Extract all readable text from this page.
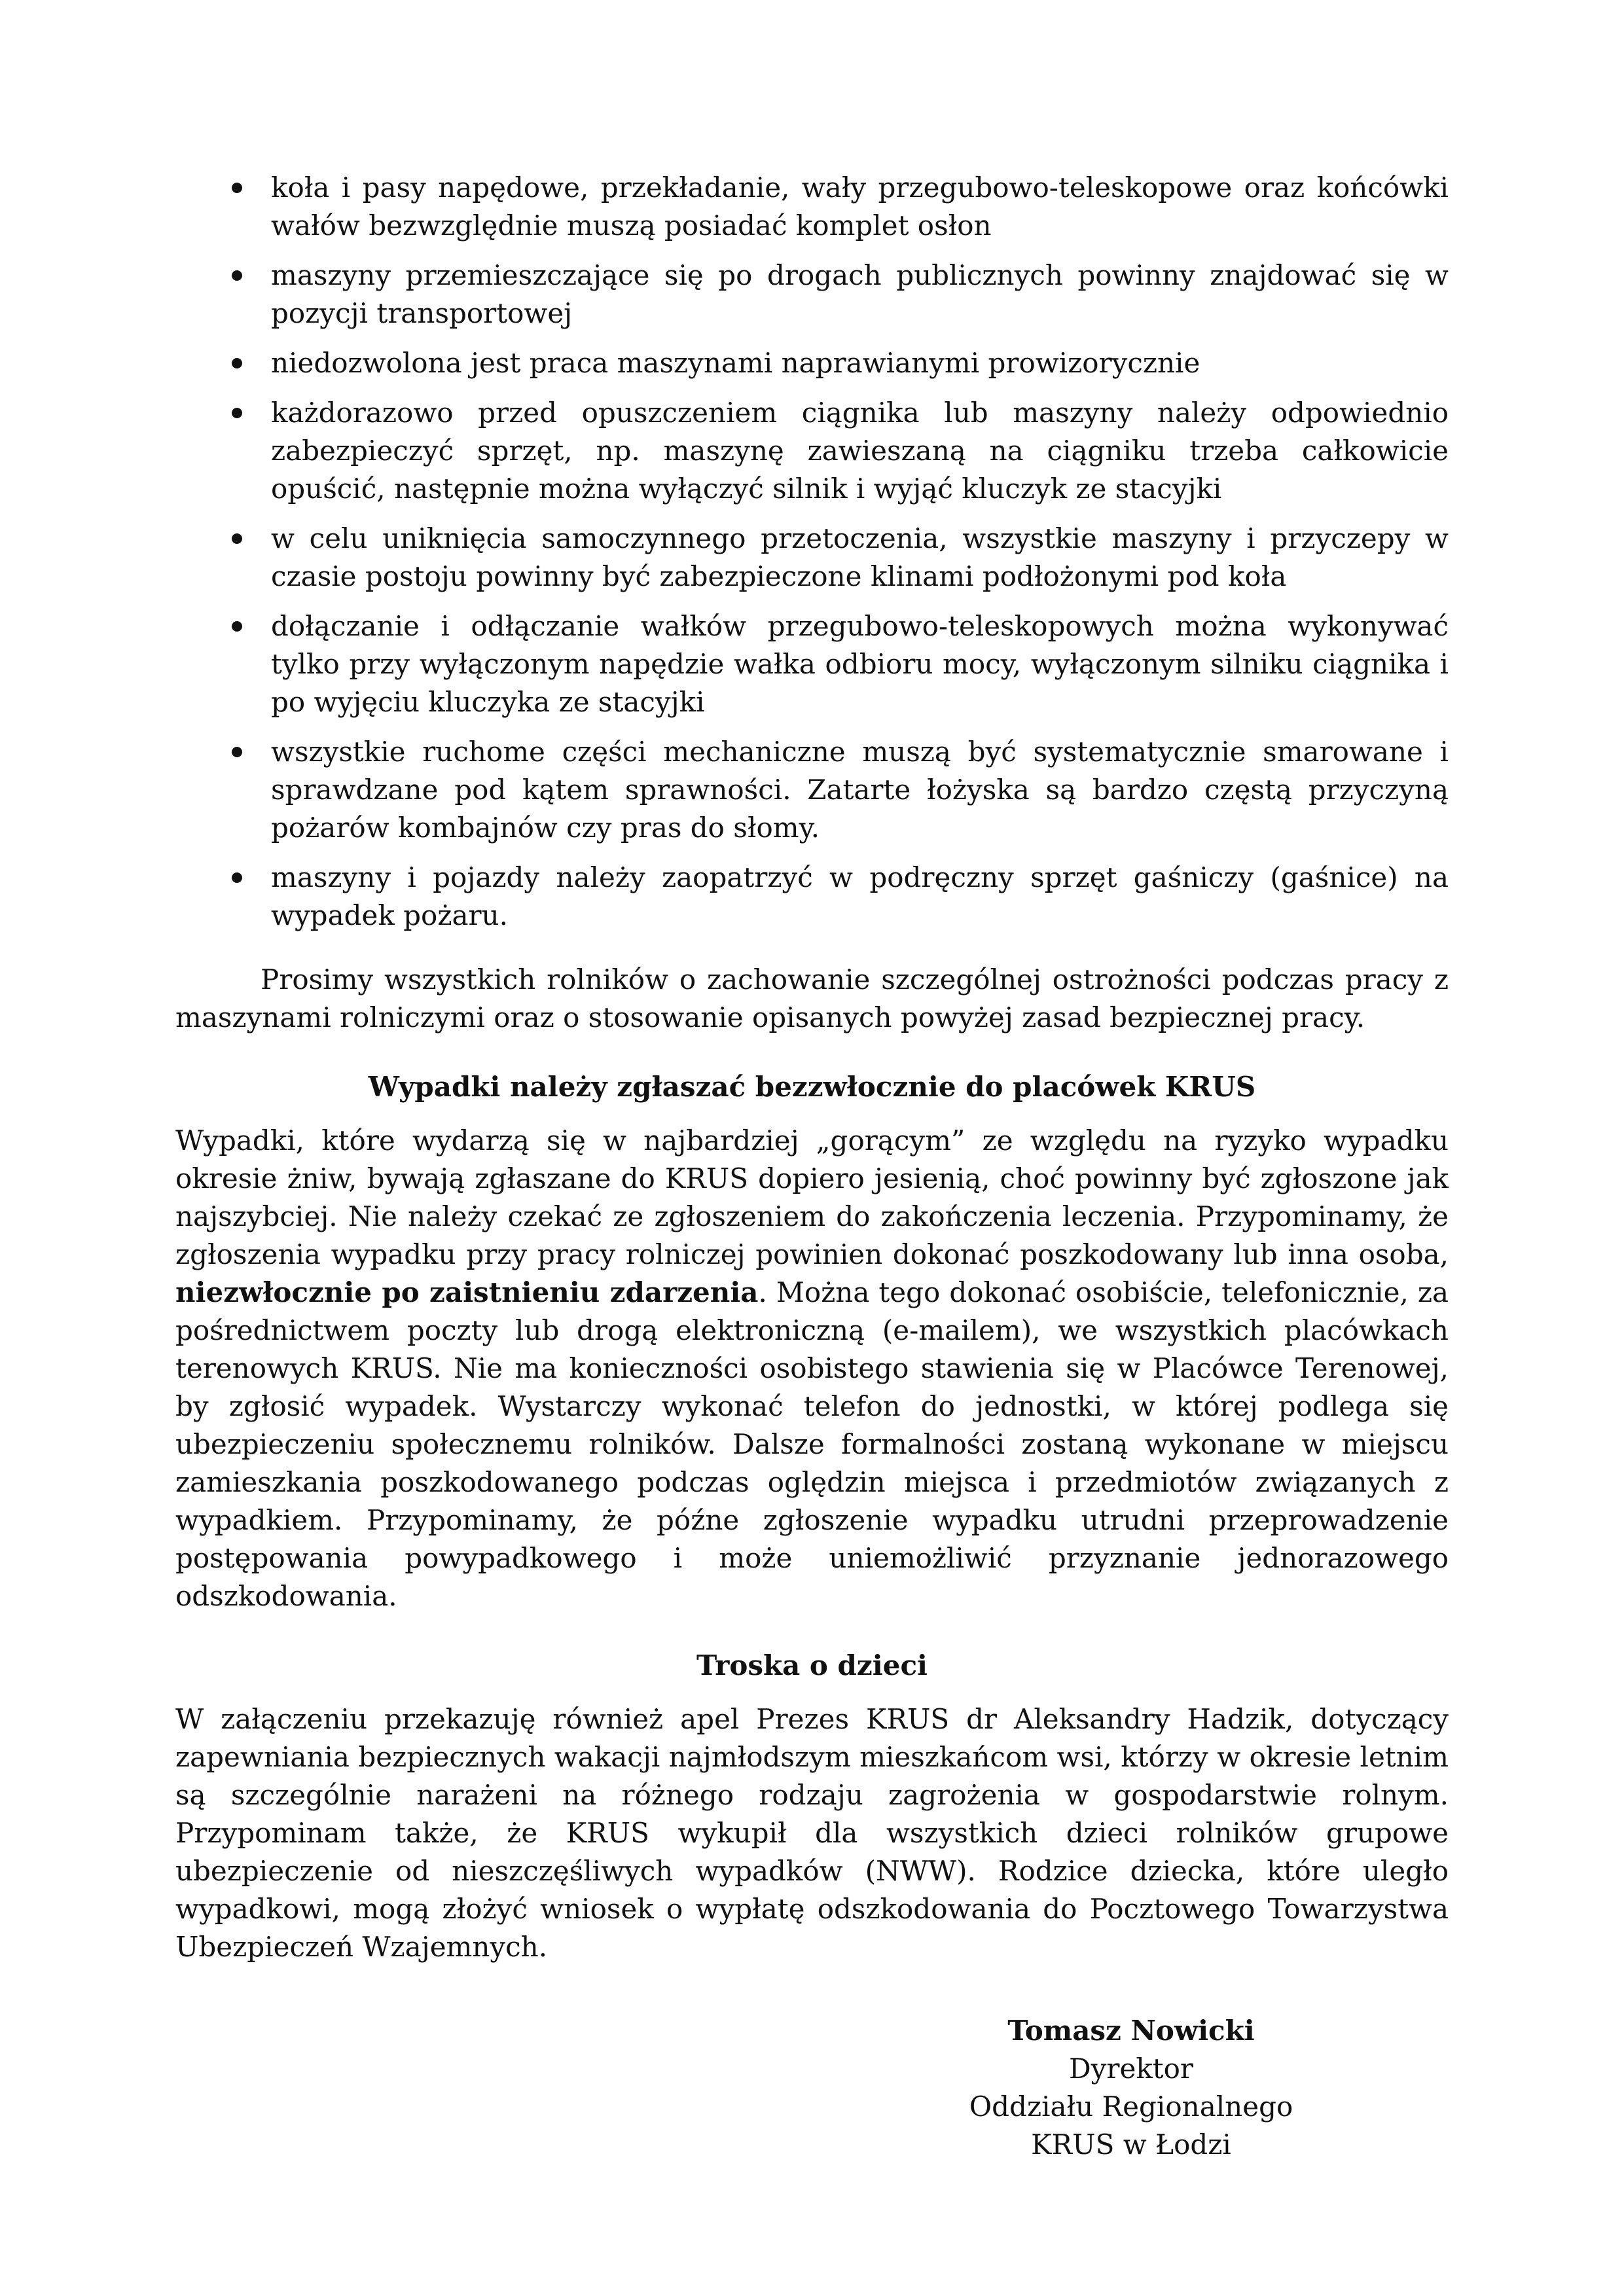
koła i pasy napędowe, przekładanie, wały przegubowo-teleskopowe oraz końcówki wałów bezwzględnie muszą posiadać komplet osłon
maszyny przemieszczające się po drogach publicznych powinny znajdować się w pozycji transportowej
niedozwolona jest praca maszynami naprawianymi prowizorycznie
każdorazowo przed opuszczeniem ciągnika lub maszyny należy odpowiednio zabezpieczyć sprzęt, np. maszynę zawieszaną na ciągniku trzeba całkowicie opuścić, następnie można wyłączyć silnik i wyjąć kluczyk ze stacyjki
w celu uniknięcia samoczynnego przetoczenia, wszystkie maszyny i przyczepy w czasie postoju powinny być zabezpieczone klinami podłożonymi pod koła
dołączanie i odłączanie wałków przegubowo-teleskopowych można wykonywać tylko przy wyłączonym napędzie wałka odbioru mocy, wyłączonym silniku ciągnika i po wyjęciu kluczyka ze stacyjki
wszystkie ruchome części mechaniczne muszą być systematycznie smarowane i sprawdzane pod kątem sprawności. Zatarte łożyska są bardzo częstą przyczyną pożarów kombajnów czy pras do słomy.
maszyny i pojazdy należy zaopatrzyć w podręczny sprzęt gaśniczy (gaśnice) na wypadek pożaru.

Prosimy wszystkich rolników o zachowanie szczególnej ostrożności podczas pracy z maszynami rolniczymi oraz o stosowanie opisanych powyżej zasad bezpiecznej pracy.

Wypadki należy zgłaszać bezzwłocznie do placówek KRUS

Wypadki, które wydarzą się w najbardziej „gorącym” ze względu na ryzyko wypadku okresie żniw, bywają zgłaszane do KRUS dopiero jesienią, choć powinny być zgłoszone jak najszybciej. Nie należy czekać ze zgłoszeniem do zakończenia leczenia. Przypominamy, że zgłoszenia wypadku przy pracy rolniczej powinien dokonać poszkodowany lub inna osoba, niezwłocznie po zaistnieniu zdarzenia. Można tego dokonać osobiście, telefonicznie, za pośrednictwem poczty lub drogą elektroniczną (e-mailem), we wszystkich placówkach terenowych KRUS. Nie ma konieczności osobistego stawienia się w Placówce Terenowej, by zgłosić wypadek. Wystarczy wykonać telefon do jednostki, w której podlega się ubezpieczeniu społecznemu rolników. Dalsze formalności zostaną wykonane w miejscu zamieszkania poszkodowanego podczas oględzin miejsca i przedmiotów związanych z wypadkiem. Przypominamy, że późne zgłoszenie wypadku utrudni przeprowadzenie postępowania powypadkowego i może uniemożliwić przyznanie jednorazowego odszkodowania.

Troska o dzieci

W załączeniu przekazuję również apel Prezes KRUS dr Aleksandry Hadzik, dotyczący zapewniania bezpiecznych wakacji najmłodszym mieszkańcom wsi, którzy w okresie letnim są szczególnie narażeni na różnego rodzaju zagrożenia w gospodarstwie rolnym. Przypominam także, że KRUS wykupił dla wszystkich dzieci rolników grupowe ubezpieczenie od nieszczęśliwych wypadków (NWW). Rodzice dziecka, które uległo wypadkowi, mogą złożyć wniosek o wypłatę odszkodowania do Pocztowego Towarzystwa Ubezpieczeń Wzajemnych.

Tomasz Nowicki
Dyrektor
Oddziału Regionalnego
KRUS w Łodzi
